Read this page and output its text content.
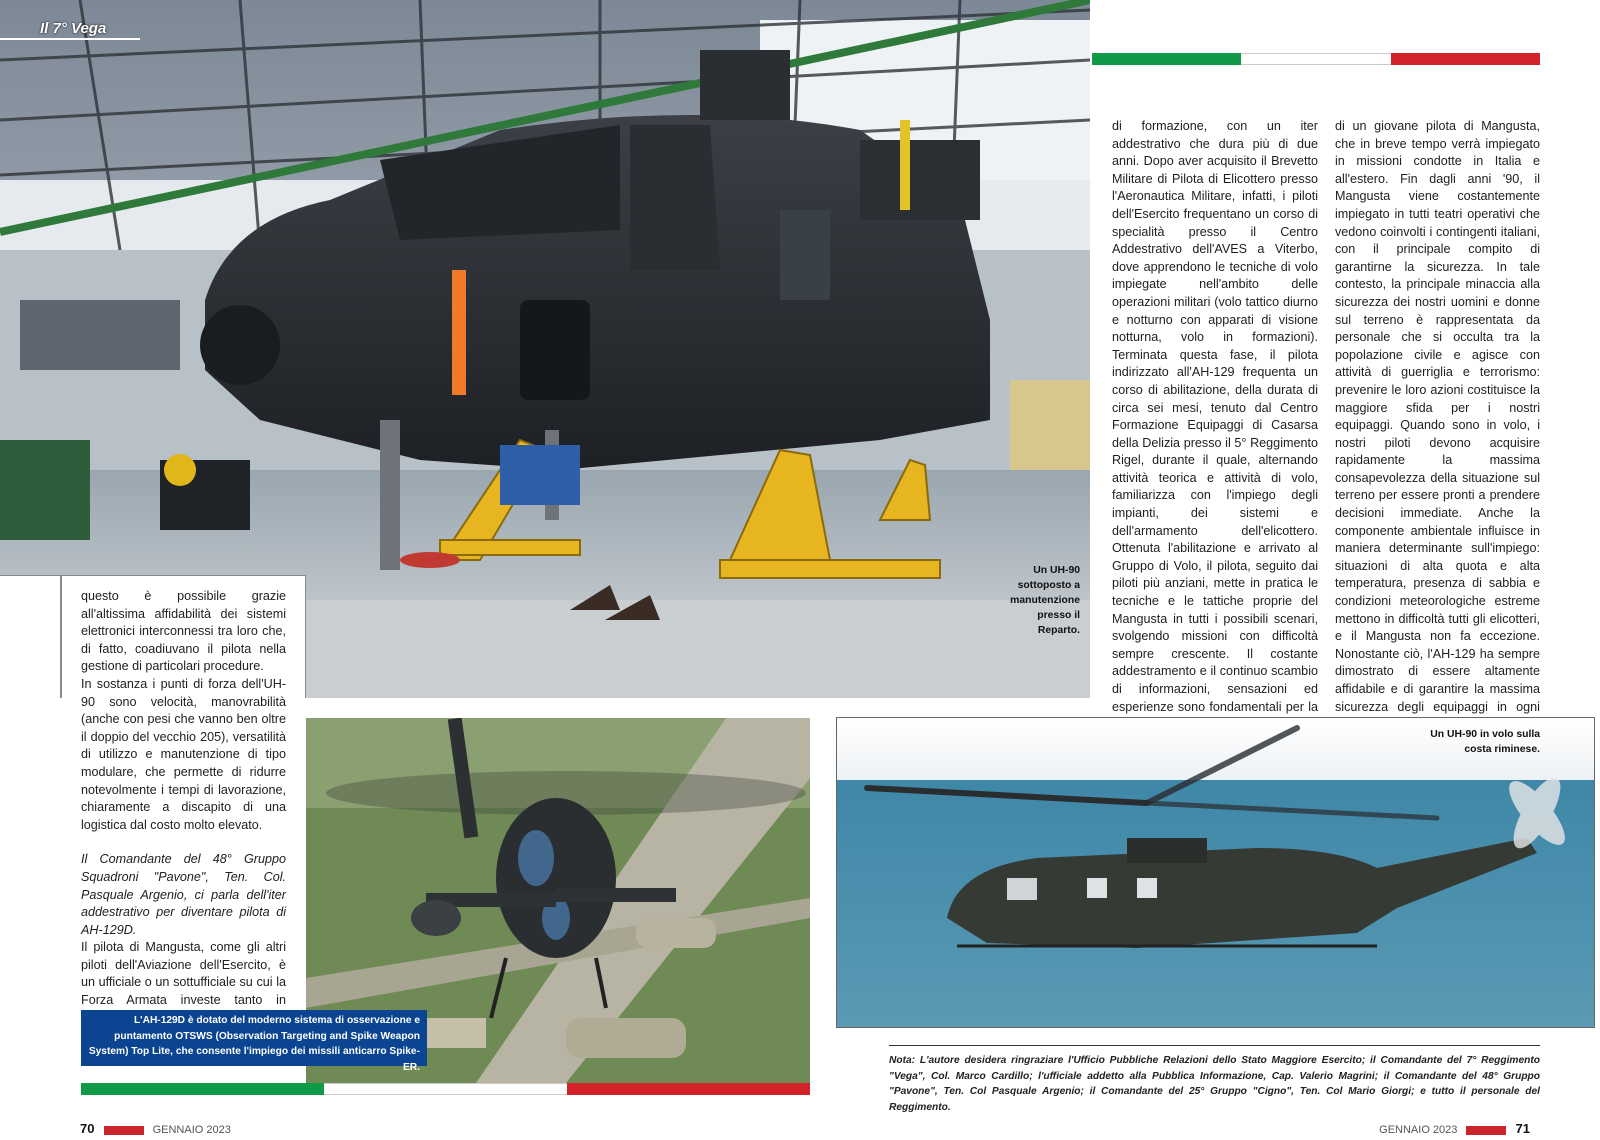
Il 7° Vega
Un UH-90 sottoposto a manutenzione presso il Reparto.

questo è possibile grazie all'altissima affidabilità dei sistemi elettronici interconnessi tra loro che, di fatto, coadiuvano il pilota nella gestione di particolari procedure.

In sostanza i punti di forza dell'UH-90 sono velocità, manovrabilità (anche con pesi che vanno ben oltre il doppio del vecchio 205), versatilità di utilizzo e manutenzione di tipo modulare, che permette di ridurre notevolmente i tempi di lavorazione, chiaramente a discapito di una logistica dal costo molto elevato.

Il Comandante del 48° Gruppo Squadroni "Pavone", Ten. Col. Pasquale Argenio, ci parla dell'iter addestrativo per diventare pilota di AH-129D.

Il pilota di Mangusta, come gli altri piloti dell'Aviazione dell'Esercito, è un ufficiale o un sottufficiale su cui la Forza Armata investe tanto in

di formazione, con un iter addestrativo che dura più di due anni. Dopo aver acquisito il Brevetto Militare di Pilota di Elicottero presso l'Aeronautica Militare, infatti, i piloti dell'Esercito frequentano un corso di specialità presso il Centro Addestrativo dell'AVES a Viterbo, dove apprendono le tecniche di volo impiegate nell'ambito delle operazioni militari (volo tattico diurno e notturno con apparati di visione notturna, volo in formazioni). Terminata questa fase, il pilota indirizzato all'AH-129 frequenta un corso di abilitazione, della durata di circa sei mesi, tenuto dal Centro Formazione Equipaggi di Casarsa della Delizia presso il 5° Reggimento Rigel, durante il quale, alternando attività teorica e attività di volo, familiarizza con l'impiego degli impianti, dei sistemi e dell'armamento dell'elicottero. Ottenuta l'abilitazione e arrivato al Gruppo di Volo, il pilota, seguito dai piloti più anziani, mette in pratica le tecniche e le tattiche proprie del Mangusta in tutti i possibili scenari, svolgendo missioni con difficoltà sempre crescente. Il costante addestramento e il continuo scambio di informazioni, sensazioni ed esperienze sono fondamentali per la
di un giovane pilota di Mangusta, che in breve tempo verrà impiegato in missioni condotte in Italia e all'estero. Fin dagli anni '90, il Mangusta viene costantemente impiegato in tutti teatri operativi che vedono coinvolti i contingenti italiani, con il principale compito di garantirne la sicurezza. In tale contesto, la principale minaccia alla sicurezza dei nostri uomini e donne sul terreno è rappresentata da personale che si occulta tra la popolazione civile e agisce con attività di guerriglia e terrorismo: prevenire le loro azioni costituisce la maggiore sfida per i nostri equipaggi. Quando sono in volo, i nostri piloti devono acquisire rapidamente la massima consapevolezza della situazione sul terreno per essere pronti a prendere decisioni immediate. Anche la componente ambientale influisce in maniera determinante sull'impiego: situazioni di alta quota e alta temperatura, presenza di sabbia e condizioni meteorologiche estreme mettono in difficoltà tutti gli elicotteri, e il Mangusta non fa eccezione. Nonostante ciò, l'AH-129 ha sempre dimostrato di essere altamente affidabile e di garantire la massima sicurezza degli equipaggi in ogni
L'AH-129D è dotato del moderno sistema di osservazione e puntamento OTSWS (Observation Targeting and Spike Weapon System) Top Lite, che consente l'impiego dei missili anticarro Spike-ER.
Un UH-90 in volo sulla costa riminese.
Nota: L'autore desidera ringraziare l'Ufficio Pubbliche Relazioni dello Stato Maggiore Esercito; il Comandante del 7° Reggimento "Vega", Col. Marco Cardillo; l'ufficiale addetto alla Pubblica Informazione, Cap. Valerio Magrini; il Comandante del 48° Gruppo "Pavone", Ten. Col Pasquale Argenio; il Comandante del 25° Gruppo "Cigno", Ten. Col Mario Giorgi; e tutto il personale del Reggimento.
70	GENNAIO 2023	GENNAIO 2023	71
